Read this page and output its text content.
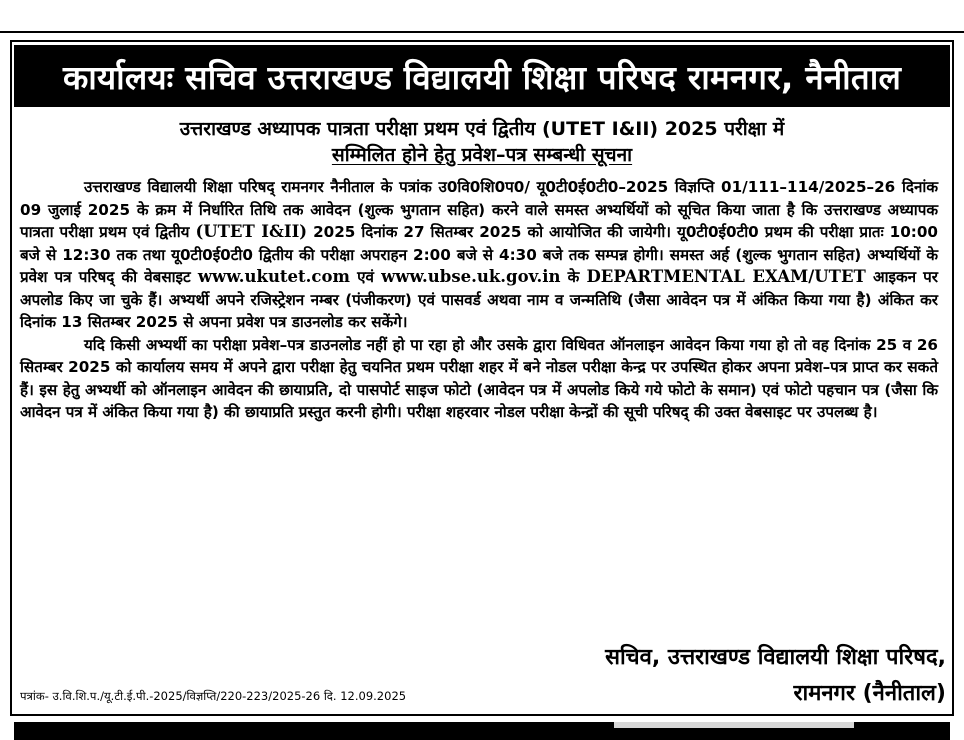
कार्यालयः सचिव उत्तराखण्ड विद्यालयी शिक्षा परिषद रामनगर, नैनीताल
उत्तराखण्ड अध्यापक पात्रता परीक्षा प्रथम एवं द्वितीय (UTET I&II) 2025 परीक्षा में
सम्मिलित होने हेतु प्रवेश–पत्र सम्बन्धी सूचना

उत्तराखण्ड विद्यालयी शिक्षा परिषद् रामनगर नैनीताल के पत्रांक उ0वि0शि0प0/ यू0टी0ई0टी0–2025 विज्ञप्ति 01/111–114/2025–26 दिनांक 09 जुलाई 2025 के क्रम में निर्धारित तिथि तक आवेदन (शुल्क भुगतान सहित) करने वाले समस्त अभ्यर्थियों को सूचित किया जाता है कि उत्तराखण्ड अध्यापक पात्रता परीक्षा प्रथम एवं द्वितीय (UTET I&II) 2025 दिनांक 27 सितम्बर 2025 को आयोजित की जायेगी। यू0टी0ई0टी0 प्रथम की परीक्षा प्रातः 10:00 बजे से 12:30 तक तथा यू0टी0ई0टी0 द्वितीय की परीक्षा अपराहन 2:00 बजे से 4:30 बजे तक सम्पन्न होगी। समस्त अर्ह (शुल्क भुगतान सहित) अभ्यर्थियों के प्रवेश पत्र परिषद् की वेबसाइट www.ukutet.com एवं www.ubse.uk.gov.in के DEPARTMENTAL EXAM/UTET आइकन पर अपलोड किए जा चुके हैं। अभ्यर्थी अपने रजिस्ट्रेशन नम्बर (पंजीकरण) एवं पासवर्ड अथवा नाम व जन्मतिथि (जैसा आवेदन पत्र में अंकित किया गया है) अंकित कर दिनांक 13 सितम्बर 2025 से अपना प्रवेश पत्र डाउनलोड कर सकेंगे।

यदि किसी अभ्यर्थी का परीक्षा प्रवेश–पत्र डाउनलोड नहीं हो पा रहा हो और उसके द्वारा विधिवत ऑनलाइन आवेदन किया गया हो तो वह दिनांक 25 व 26 सितम्बर 2025 को कार्यालय समय में अपने द्वारा परीक्षा हेतु चयनित प्रथम परीक्षा शहर में बने नोडल परीक्षा केन्द्र पर उपस्थित होकर अपना प्रवेश–पत्र प्राप्त कर सकते हैं। इस हेतु अभ्यर्थी को ऑनलाइन आवेदन की छायाप्रति, दो पासपोर्ट साइज फोटो (आवेदन पत्र में अपलोड किये गये फोटो के समान) एवं फोटो पहचान पत्र (जैसा कि आवेदन पत्र में अंकित किया गया है) की छायाप्रति प्रस्तुत करनी होगी। परीक्षा शहरवार नोडल परीक्षा केन्द्रों की सूची परिषद् की उक्त वेबसाइट पर उपलब्ध है।

सचिव, उत्तराखण्ड विद्यालयी शिक्षा परिषद,
रामनगर (नैनीताल)
पत्रांक- उ.वि.शि.प./यू.टी.ई.पी.-2025/विज्ञप्ति/220-223/2025-26 दि. 12.09.2025
